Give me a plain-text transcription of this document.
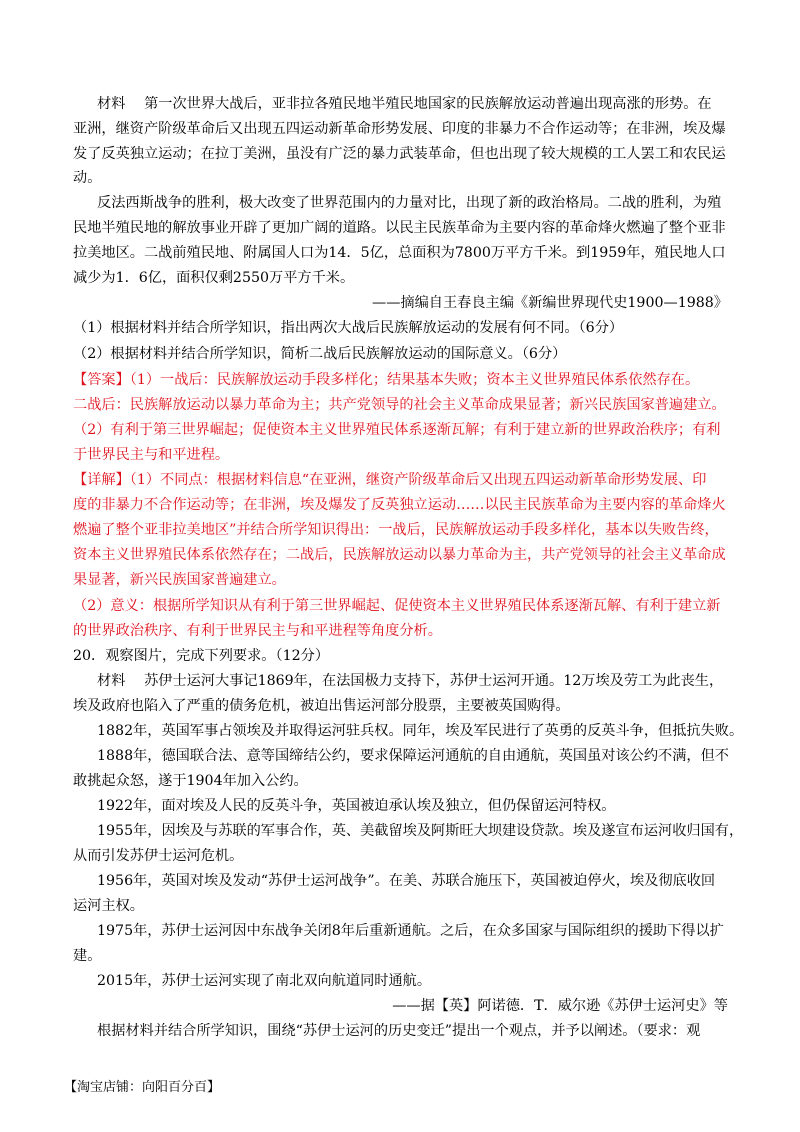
材料　 第一次世界大战后，亚非拉各殖民地半殖民地国家的民族解放运动普遍出现高涨的形势。在
亚洲，继资产阶级革命后又出现五四运动新革命形势发展、印度的非暴力不合作运动等；在非洲，埃及爆
发了反英独立运动；在拉丁美洲，虽没有广泛的暴力武装革命，但也出现了较大规模的工人罢工和农民运
动。
反法西斯战争的胜利，极大改变了世界范围内的力量对比，出现了新的政治格局。二战的胜利，为殖
民地半殖民地的解放事业开辟了更加广阔的道路。以民主民族革命为主要内容的革命烽火燃遍了整个亚非
拉美地区。二战前殖民地、附属国人口为14．5亿，总面积为7800万平方千米。到1959年，殖民地人口
减少为1．6亿，面积仅剩2550万平方千米。
——摘编自王春良主编《新编世界现代史1900—1988》
（1）根据材料并结合所学知识，指出两次大战后民族解放运动的发展有何不同。（6分）
（2）根据材料并结合所学知识，简析二战后民族解放运动的国际意义。（6分）
【答案】（1）一战后：民族解放运动手段多样化；结果基本失败；资本主义世界殖民体系依然存在。
二战后：民族解放运动以暴力革命为主；共产党领导的社会主义革命成果显著；新兴民族国家普遍建立。
（2）有利于第三世界崛起；促使资本主义世界殖民体系逐渐瓦解；有利于建立新的世界政治秩序；有利
于世界民主与和平进程。
【详解】（1）不同点：根据材料信息“在亚洲，继资产阶级革命后又出现五四运动新革命形势发展、印
度的非暴力不合作运动等；在非洲，埃及爆发了反英独立运动……以民主民族革命为主要内容的革命烽火
燃遍了整个亚非拉美地区”并结合所学知识得出：一战后，民族解放运动手段多样化，基本以失败告终，
资本主义世界殖民体系依然存在；二战后，民族解放运动以暴力革命为主，共产党领导的社会主义革命成
果显著，新兴民族国家普遍建立。
（2）意义：根据所学知识从有利于第三世界崛起、促使资本主义世界殖民体系逐渐瓦解、有利于建立新
的世界政治秩序、有利于世界民主与和平进程等角度分析。
20．观察图片，完成下列要求。（12分）
材料　 苏伊士运河大事记1869年，在法国极力支持下，苏伊士运河开通。12万埃及劳工为此丧生，
埃及政府也陷入了严重的债务危机，被迫出售运河部分股票，主要被英国购得。
1882年，英国军事占领埃及并取得运河驻兵权。同年，埃及军民进行了英勇的反英斗争，但抵抗失败。
1888年，德国联合法、意等国缔结公约，要求保障运河通航的自由通航，英国虽对该公约不满，但不
敢挑起众怒，遂于1904年加入公约。
1922年，面对埃及人民的反英斗争，英国被迫承认埃及独立，但仍保留运河特权。
1955年，因埃及与苏联的军事合作，英、美截留埃及阿斯旺大坝建设贷款。埃及遂宣布运河收归国有，
从而引发苏伊士运河危机。
1956年，英国对埃及发动“苏伊士运河战争”。在美、苏联合施压下，英国被迫停火，埃及彻底收回
运河主权。
1975年，苏伊士运河因中东战争关闭8年后重新通航。之后，在众多国家与国际组织的援助下得以扩
建。
2015年，苏伊士运河实现了南北双向航道同时通航。
——据【英】阿诺德．T．威尔逊《苏伊士运河史》等
根据材料并结合所学知识，围绕“苏伊士运河的历史变迁”提出一个观点，并予以阐述。（要求：观
【淘宝店铺：向阳百分百】
